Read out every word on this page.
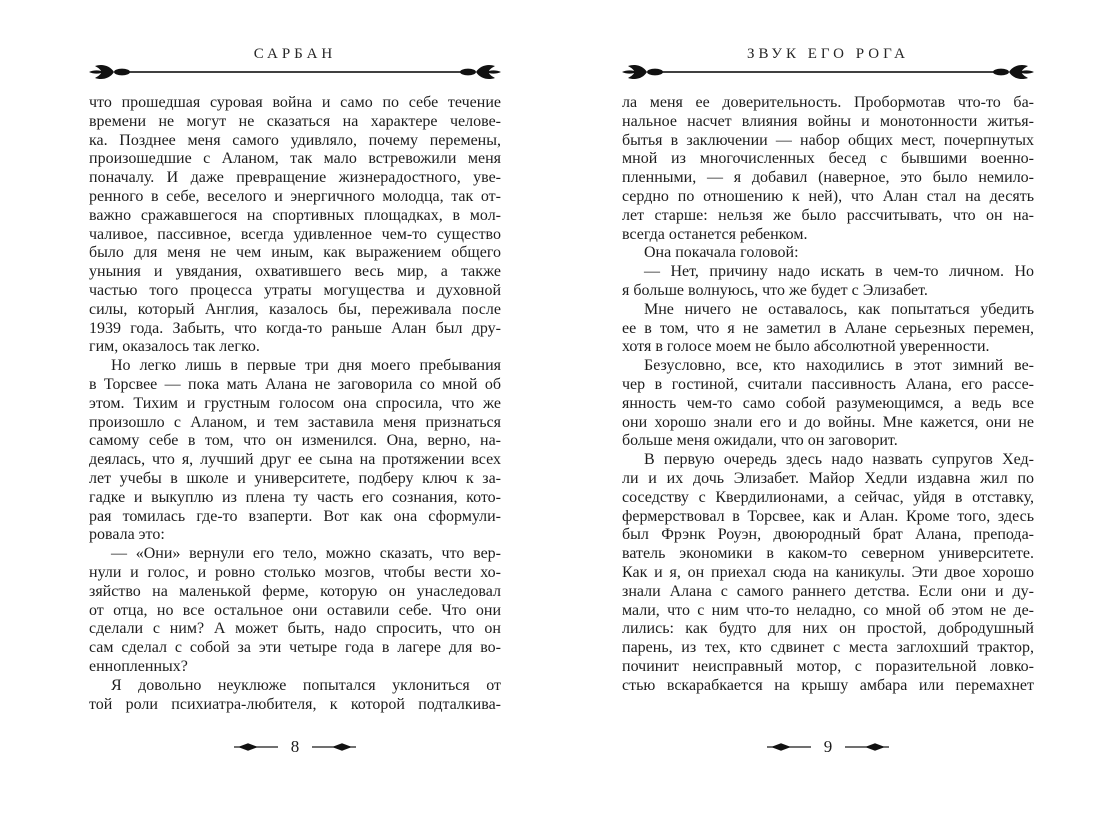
САРБАН
что прошедшая суровая война и само по себе течение
времени не могут не сказаться на характере челове-
ка. Позднее меня самого удивляло, почему перемены,
произошедшие с Аланом, так мало встревожили меня
поначалу. И даже превращение жизнерадостного, уве-
ренного в себе, веселого и энергичного молодца, так от-
важно сражавшегося на спортивных площадках, в мол-
чаливое, пассивное, всегда удивленное чем-то существо
было для меня не чем иным, как выражением общего
уныния и увядания, охватившего весь мир, а также
частью того процесса утраты могущества и духовной
силы, который Англия, казалось бы, переживала после
1939 года. Забыть, что когда-то раньше Алан был дру-
гим, оказалось так легко.
Но легко лишь в первые три дня моего пребывания
в Торсвее — пока мать Алана не заговорила со мной об
этом. Тихим и грустным голосом она спросила, что же
произошло с Аланом, и тем заставила меня признаться
самому себе в том, что он изменился. Она, верно, на-
деялась, что я, лучший друг ее сына на протяжении всех
лет учебы в школе и университете, подберу ключ к за-
гадке и выкуплю из плена ту часть его сознания, кото-
рая томилась где-то взаперти. Вот как она сформули-
ровала это:
— «Они» вернули его тело, можно сказать, что вер-
нули и голос, и ровно столько мозгов, чтобы вести хо-
зяйство на маленькой ферме, которую он унаследовал
от отца, но все остальное они оставили себе. Что они
сделали с ним? А может быть, надо спросить, что он
сам сделал с собой за эти четыре года в лагере для во-
еннопленных?
Я довольно неуклюже попытался уклониться от
той роли психиатра-любителя, к которой подталкива-
8
ЗВУК ЕГО РОГА
ла меня ее доверительность. Пробормотав что-то ба-
нальное насчет влияния войны и монотонности житья-
бытья в заключении — набор общих мест, почерпнутых
мной из многочисленных бесед с бывшими военно-
пленными, — я добавил (наверное, это было немило-
сердно по отношению к ней), что Алан стал на десять
лет старше: нельзя же было рассчитывать, что он на-
всегда останется ребенком.
Она покачала головой:
— Нет, причину надо искать в чем-то личном. Но
я больше волнуюсь, что же будет с Элизабет.
Мне ничего не оставалось, как попытаться убедить
ее в том, что я не заметил в Алане серьезных перемен,
хотя в голосе моем не было абсолютной уверенности.
Безусловно, все, кто находились в этот зимний ве-
чер в гостиной, считали пассивность Алана, его рассе-
янность чем-то само собой разумеющимся, а ведь все
они хорошо знали его и до войны. Мне кажется, они не
больше меня ожидали, что он заговорит.
В первую очередь здесь надо назвать супругов Хед-
ли и их дочь Элизабет. Майор Хедли издавна жил по
соседству с Квердилионами, а сейчас, уйдя в отставку,
фермерствовал в Торсвее, как и Алан. Кроме того, здесь
был Фрэнк Роуэн, двоюродный брат Алана, препода-
ватель экономики в каком-то северном университете.
Как и я, он приехал сюда на каникулы. Эти двое хорошо
знали Алана с самого раннего детства. Если они и ду-
мали, что с ним что-то неладно, со мной об этом не де-
лились: как будто для них он простой, добродушный
парень, из тех, кто сдвинет с места заглохший трактор,
починит неисправный мотор, с поразительной ловко-
стью вскарабкается на крышу амбара или перемахнет
9
